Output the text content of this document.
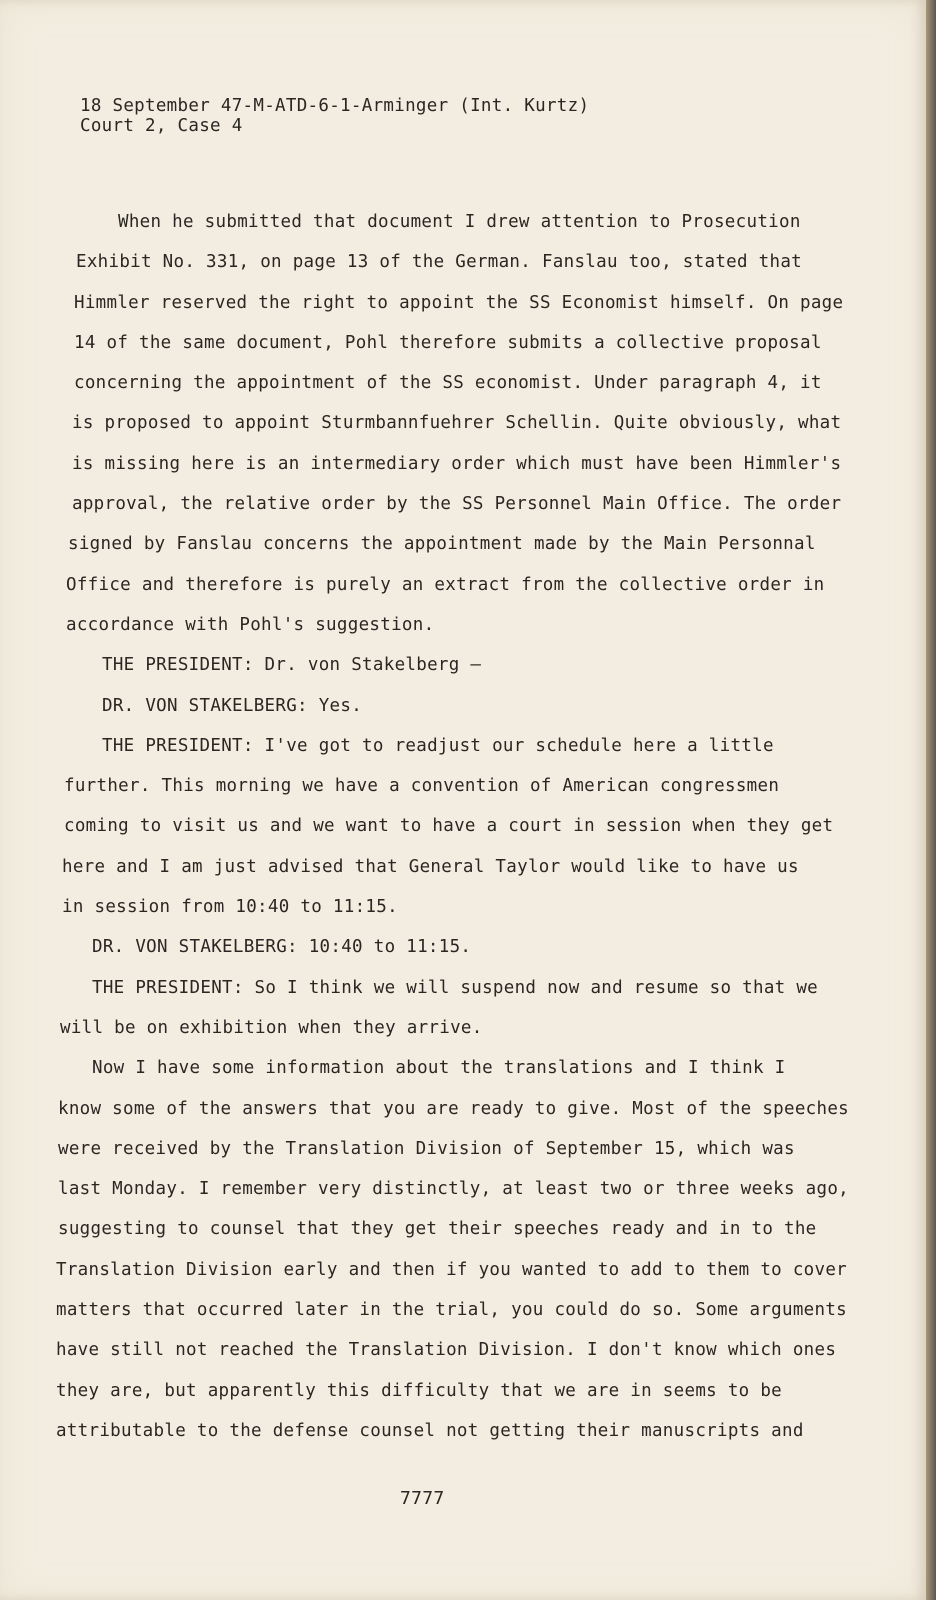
18 September 47-M-ATD-6-1-Arminger (Int. Kurtz)
Court 2, Case 4
When he submitted that document I drew attention to Prosecution
Exhibit No. 331, on page 13 of the German. Fanslau too, stated that
Himmler reserved the right to appoint the SS Economist himself. On page
14 of the same document, Pohl therefore submits a collective proposal
concerning the appointment of the SS economist. Under paragraph 4, it
is proposed to appoint Sturmbannfuehrer Schellin. Quite obviously, what
is missing here is an intermediary order which must have been Himmler's
approval, the relative order by the SS Personnel Main Office. The order
signed by Fanslau concerns the appointment made by the Main Personnal
Office and therefore is purely an extract from the collective order in
accordance with Pohl's suggestion.
THE PRESIDENT: Dr. von Stakelberg —
DR. VON STAKELBERG: Yes.
THE PRESIDENT: I've got to readjust our schedule here a little
further. This morning we have a convention of American congressmen
coming to visit us and we want to have a court in session when they get
here and I am just advised that General Taylor would like to have us
in session from 10:40 to 11:15.
DR. VON STAKELBERG: 10:40 to 11:15.
THE PRESIDENT: So I think we will suspend now and resume so that we
will be on exhibition when they arrive.
Now I have some information about the translations and I think I
know some of the answers that you are ready to give. Most of the speeches
were received by the Translation Division of September 15, which was
last Monday. I remember very distinctly, at least two or three weeks ago,
suggesting to counsel that they get their speeches ready and in to the
Translation Division early and then if you wanted to add to them to cover
matters that occurred later in the trial, you could do so. Some arguments
have still not reached the Translation Division. I don't know which ones
they are, but apparently this difficulty that we are in seems to be
attributable to the defense counsel not getting their manuscripts and
7777
